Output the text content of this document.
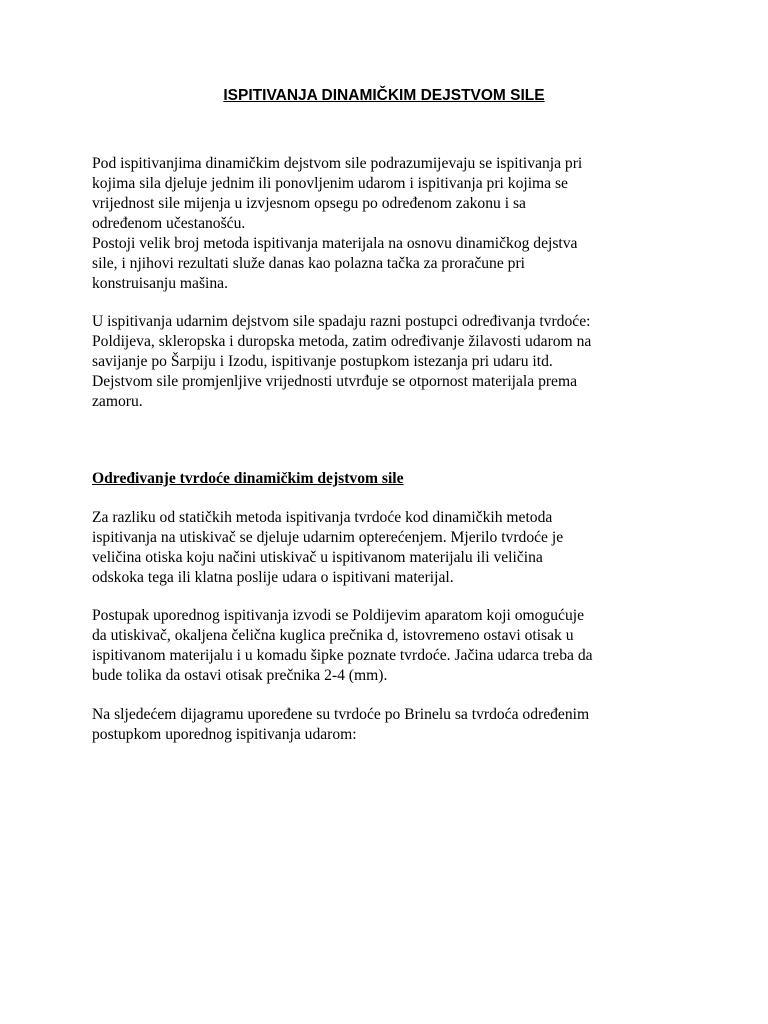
ISPITIVANJA DINAMIČKIM DEJSTVOM SILE
Pod ispitivanjima dinamičkim dejstvom sile podrazumijevaju se ispitivanja pri
kojima sila djeluje jednim ili ponovljenim udarom i ispitivanja pri kojima se
vrijednost sile mijenja u izvjesnom opsegu po određenom zakonu i sa
određenom učestanošću.
Postoji velik broj metoda ispitivanja materijala na osnovu dinamičkog dejstva
sile, i njihovi rezultati služe danas kao polazna tačka za proračune pri
konstruisanju mašina.
U ispitivanja udarnim dejstvom sile spadaju razni postupci određivanja tvrdoće:
Poldijeva, skleropska i duropska metoda, zatim određivanje žilavosti udarom na
savijanje po Šarpiju i Izodu, ispitivanje postupkom istezanja pri udaru itd.
Dejstvom sile promjenljive vrijednosti utvrđuje se otpornost materijala prema
zamoru.
Određivanje tvrdoće dinamičkim dejstvom sile
Za razliku od statičkih metoda ispitivanja tvrdoće kod dinamičkih metoda
ispitivanja na utiskivač se djeluje udarnim opterećenjem. Mjerilo tvrdoće je
veličina otiska koju načini utiskivač u ispitivanom materijalu ili veličina
odskoka tega ili klatna poslije udara o ispitivani materijal.
Postupak uporednog ispitivanja izvodi se Poldijevim aparatom koji omogućuje
da utiskivač, okaljena čelična kuglica prečnika d, istovremeno ostavi otisak u
ispitivanom materijalu i u komadu šipke poznate tvrdoće. Jačina udarca treba da
bude tolika da ostavi otisak prečnika 2-4 (mm).
Na sljedećem dijagramu upoređene su tvrdoće po Brinelu sa tvrdoća određenim
postupkom uporednog ispitivanja udarom:
